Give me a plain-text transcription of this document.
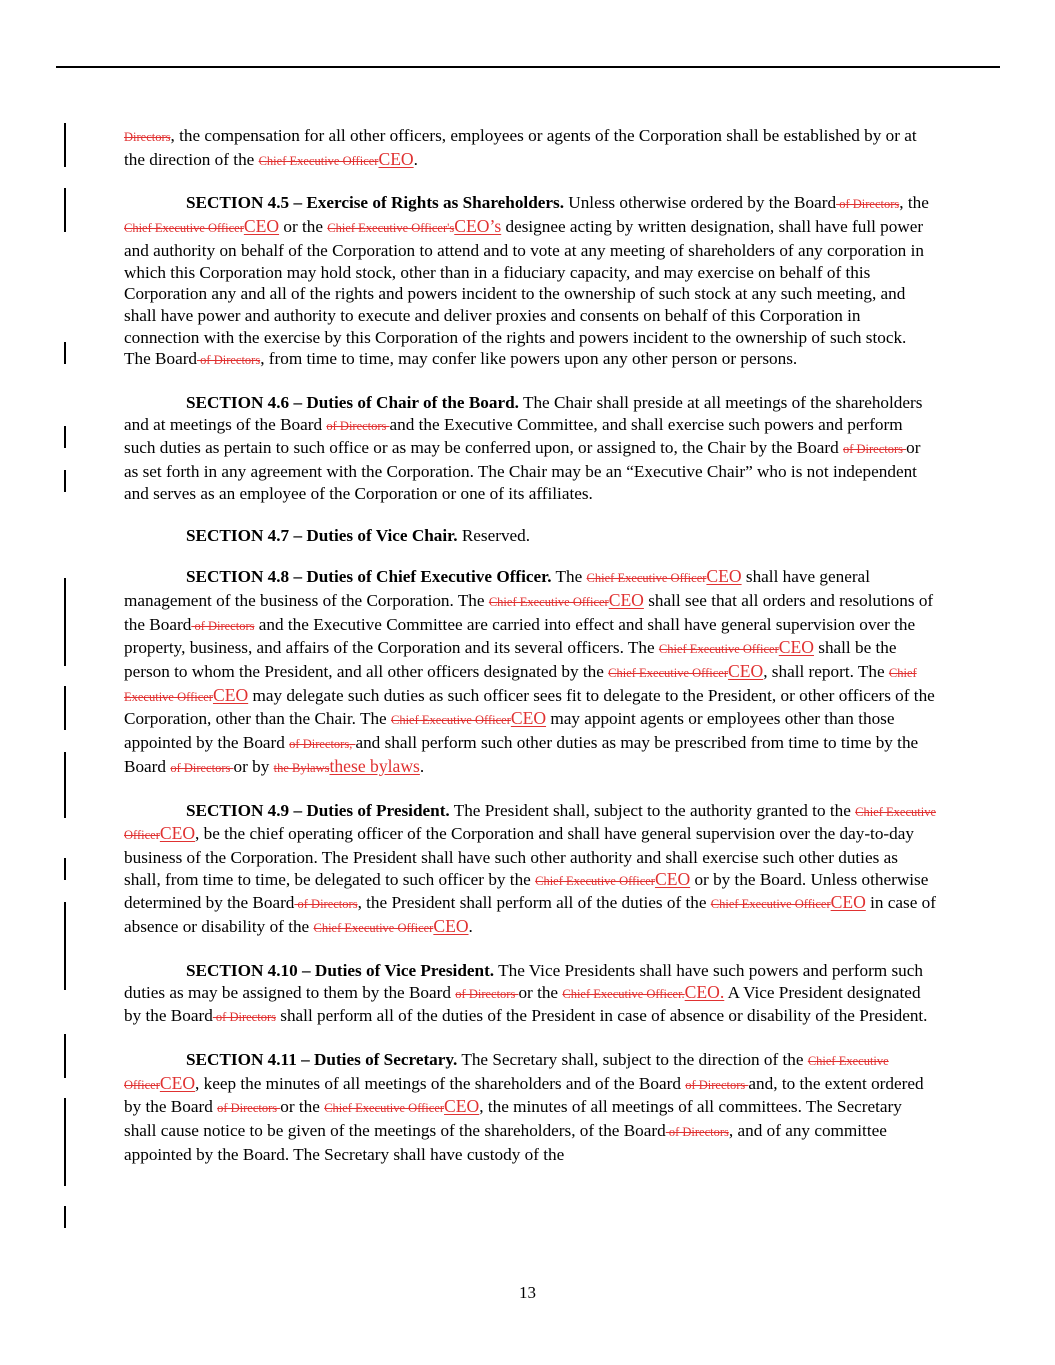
Directors, the compensation for all other officers, employees or agents of the Corporation shall be established by or at the direction of the Chief Executive OfficerCEO.

SECTION 4.5 – Exercise of Rights as Shareholders. Unless otherwise ordered by the Board of Directors, the Chief Executive OfficerCEO or the Chief Executive Officer'sCEO’s designee acting by written designation, shall have full power and authority on behalf of the Corporation to attend and to vote at any meeting of shareholders of any corporation in which this Corporation may hold stock, other than in a fiduciary capacity, and may exercise on behalf of this Corporation any and all of the rights and powers incident to the ownership of such stock at any such meeting, and shall have power and authority to execute and deliver proxies and consents on behalf of this Corporation in connection with the exercise by this Corporation of the rights and powers incident to the ownership of such stock. The Board of Directors, from time to time, may confer like powers upon any other person or persons.

SECTION 4.6 – Duties of Chair of the Board. The Chair shall preside at all meetings of the shareholders and at meetings of the Board of Directors and the Executive Committee, and shall exercise such powers and perform such duties as pertain to such office or as may be conferred upon, or assigned to, the Chair by the Board of Directors or as set forth in any agreement with the Corporation. The Chair may be an “Executive Chair” who is not independent and serves as an employee of the Corporation or one of its affiliates.

SECTION 4.7 – Duties of Vice Chair. Reserved.

SECTION 4.8 – Duties of Chief Executive Officer. The Chief Executive OfficerCEO shall have general management of the business of the Corporation. The Chief Executive OfficerCEO shall see that all orders and resolutions of the Board of Directors and the Executive Committee are carried into effect and shall have general supervision over the property, business, and affairs of the Corporation and its several officers. The Chief Executive OfficerCEO shall be the person to whom the President, and all other officers designated by the Chief Executive OfficerCEO, shall report. The Chief Executive OfficerCEO may delegate such duties as such officer sees fit to delegate to the President, or other officers of the Corporation, other than the Chair. The Chief Executive OfficerCEO may appoint agents or employees other than those appointed by the Board of Directors, and shall perform such other duties as may be prescribed from time to time by the Board of Directors or by the Bylawsthese bylaws.

SECTION 4.9 – Duties of President. The President shall, subject to the authority granted to the Chief Executive OfficerCEO, be the chief operating officer of the Corporation and shall have general supervision over the day-to-day business of the Corporation. The President shall have such other authority and shall exercise such other duties as shall, from time to time, be delegated to such officer by the Chief Executive OfficerCEO or by the Board. Unless otherwise determined by the Board of Directors, the President shall perform all of the duties of the Chief Executive OfficerCEO in case of absence or disability of the Chief Executive OfficerCEO.

SECTION 4.10 – Duties of Vice President. The Vice Presidents shall have such powers and perform such duties as may be assigned to them by the Board of Directors or the Chief Executive Officer.CEO. A Vice President designated by the Board of Directors shall perform all of the duties of the President in case of absence or disability of the President.

SECTION 4.11 – Duties of Secretary. The Secretary shall, subject to the direction of the Chief Executive OfficerCEO, keep the minutes of all meetings of the shareholders and of the Board of Directors and, to the extent ordered by the Board of Directors or the Chief Executive OfficerCEO, the minutes of all meetings of all committees. The Secretary shall cause notice to be given of the meetings of the shareholders, of the Board of Directors, and of any committee appointed by the Board. The Secretary shall have custody of the

13
